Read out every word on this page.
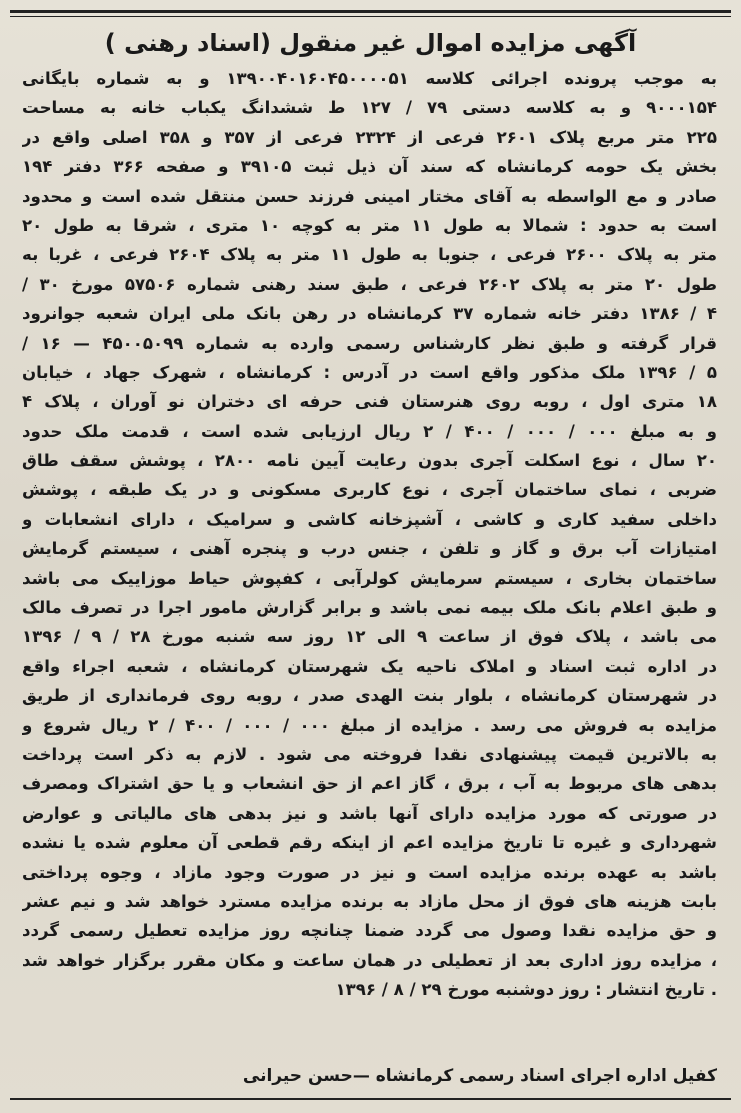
آگهی مزایده اموال غیر منقول (اسناد رهنی )
به موجب پرونده اجرائی کلاسه ۱۳۹۰۰۴۰۱۶۰۴۵۰۰۰۰۵۱ و به شماره بایگانی
۹۰۰۰۱۵۴ و به کلاسه دستی ۷۹ / ۱۲۷ ط ششدانگ یکباب خانه به مساحت
۲۲۵ متر مربع پلاک ۲۶۰۱ فرعی از ۲۳۲۴ فرعی از ۳۵۷ و ۳۵۸ اصلی واقع در
بخش یک حومه کرمانشاه که سند آن ذیل ثبت ۳۹۱۰۵ و صفحه ۳۶۶ دفتر ۱۹۴
صادر و مع الواسطه به آقای مختار امینی فرزند حسن منتقل شده است و محدود
است به حدود : شمالا به طول ۱۱ متر به کوچه ۱۰ متری ، شرقا به طول ۲۰
متر به پلاک ۲۶۰۰ فرعی ، جنوبا به طول ۱۱ متر به پلاک ۲۶۰۴ فرعی ، غربا به
طول ۲۰ متر به پلاک ۲۶۰۲ فرعی ، طبق سند رهنی شماره ۵۷۵۰۶ مورخ ۳۰ /
۴ / ۱۳۸۶ دفتر خانه شماره ۳۷ کرمانشاه در رهن بانک ملی ایران شعبه جوانرود
قرار گرفته و طبق نظر کارشناس رسمی وارده به شماره ۴۵۰۰۵۰۹۹ — ۱۶ /
۵ / ۱۳۹۶ ملک مذکور واقع است در آدرس : کرمانشاه ، شهرک جهاد ، خیابان
۱۸ متری اول ، روبه روی هنرستان فنی حرفه ای دختران نو آوران ، پلاک ۴
و به مبلغ ۰۰۰ / ۰۰۰ / ۴۰۰ / ۲ ریال ارزیابی شده است ، قدمت ملک حدود
۲۰ سال ، نوع اسکلت آجری بدون رعایت آیین نامه ۲۸۰۰ ، پوشش سقف طاق
ضربی ، نمای ساختمان آجری ، نوع کاربری مسکونی و در یک طبقه ، پوشش
داخلی سفید کاری و کاشی ، آشپزخانه کاشی و سرامیک ، دارای انشعابات و
امتیازات آب برق و گاز و تلفن ، جنس درب و پنجره آهنی ، سیستم گرمایش
ساختمان بخاری ، سیستم سرمایش کولرآبی ، کفپوش حیاط موزاییک می باشد
و طبق اعلام بانک ملک بیمه نمی باشد و برابر گزارش مامور اجرا در تصرف مالک
می باشد ، پلاک فوق از ساعت ۹ الی ۱۲ روز سه شنبه مورخ ۲۸ / ۹ / ۱۳۹۶
در اداره ثبت اسناد و املاک ناحیه یک شهرستان کرمانشاه ، شعبه اجراء واقع
در شهرستان کرمانشاه ، بلوار بنت الهدی صدر ، روبه روی فرمانداری از طریق
مزایده به فروش می رسد . مزایده از مبلغ ۰۰۰ / ۰۰۰ / ۴۰۰ / ۲ ریال شروع و
به بالاترین قیمت پیشنهادی نقدا فروخته می شود . لازم به ذکر است پرداخت
بدهی های مربوط به آب ، برق ، گاز اعم از حق انشعاب و یا حق اشتراک ومصرف
در صورتی که مورد مزایده دارای آنها باشد و نیز بدهی های مالیاتی و عوارض
شهرداری و غیره تا تاریخ مزایده اعم از اینکه رقم قطعی آن معلوم شده یا نشده
باشد به عهده برنده مزایده است و نیز در صورت وجود مازاد ، وجوه پرداختی
بابت هزینه های فوق از محل مازاد به برنده مزایده مسترد خواهد شد و نیم عشر
و حق مزایده نقدا وصول می گردد ضمنا چنانچه روز مزایده تعطیل رسمی گردد
، مزایده روز اداری بعد از تعطیلی در همان ساعت و مکان مقرر برگزار خواهد شد
. تاریخ انتشار : روز دوشنبه مورخ ۲۹ / ۸ / ۱۳۹۶
کفیل اداره اجرای اسناد رسمی کرمانشاه —حسن حیرانی
